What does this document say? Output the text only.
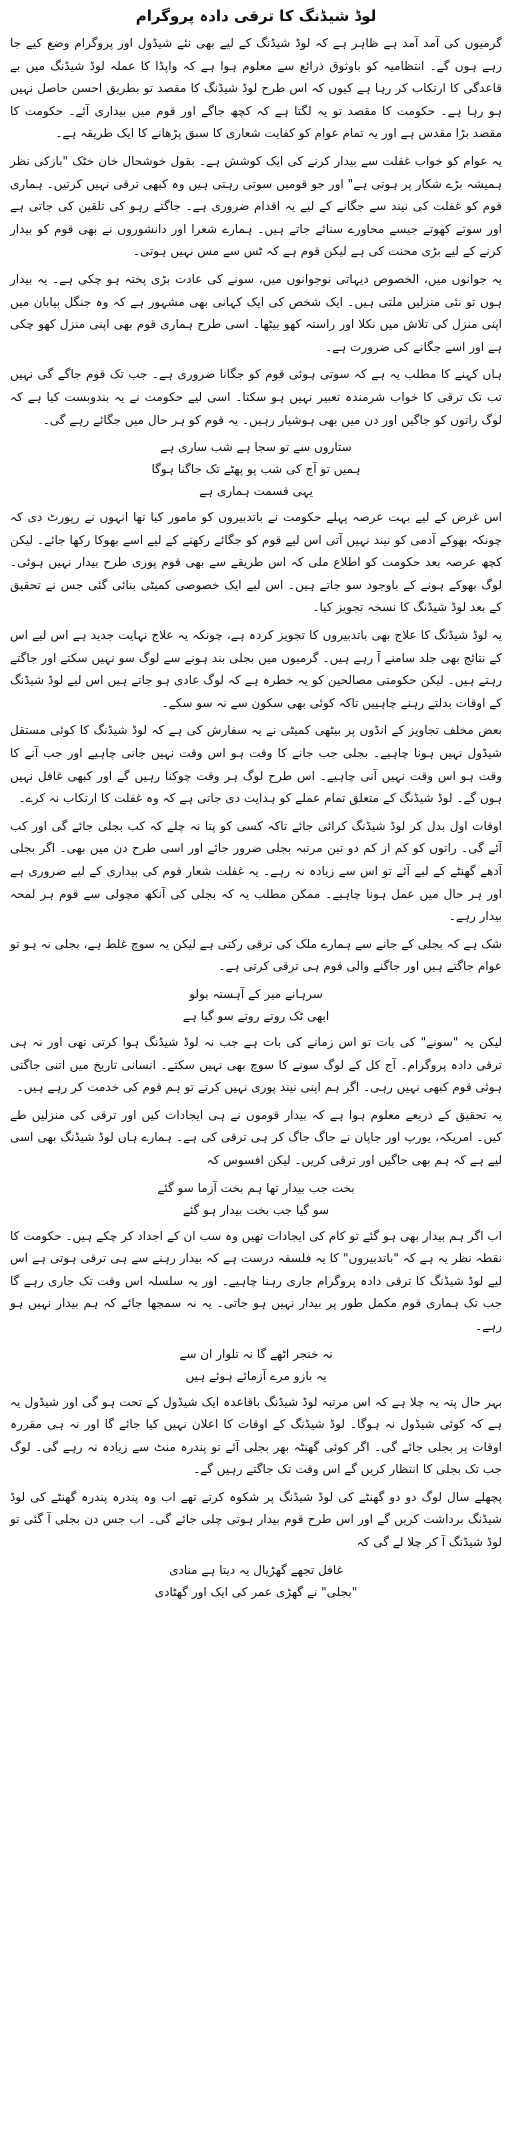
لوڈ شیڈنگ کا ترقی دادہ پروگرام

گرمیوں کی آمد آمد ہے ظاہر ہے کہ لوڈ شیڈنگ کے لیے بھی نئے شیڈول اور پروگرام وضع کیے جا رہے ہوں گے۔ انتظامیہ کو باوثوق ذرائع سے معلوم ہوا ہے کہ واپڈا کا عملہ لوڈ شیڈنگ میں بے قاعدگی کا ارتکاب کر رہا ہے کیوں کہ اس طرح لوڈ شیڈنگ کا مقصد تو بطریق احسن حاصل نہیں ہو رہا ہے۔ حکومت کا مقصد تو یہ لگتا ہے کہ کچھ جاگے اور قوم میں بیداری آئے۔ حکومت کا مقصد بڑا مقدس ہے اور یہ تمام عوام کو کفایت شعاری کا سبق پڑھانے کا ایک طریقہ ہے۔

یہ عوام کو خواب غفلت سے بیدار کرنے کی ایک کوشش ہے۔ بقول خوشحال خان خٹک "بازکی نظر ہمیشہ بڑے شکار پر ہوتی ہے" اور جو قومیں سوتی رہتی ہیں وہ کبھی ترقی نہیں کرتیں۔ ہماری قوم کو غفلت کی نیند سے جگانے کے لیے یہ اقدام ضروری ہے۔ جاگتے رہو کی تلقین کی جاتی ہے اور سوتے کھوتے جیسے محاورے سنائے جاتے ہیں۔ ہمارے شعرا اور دانشوروں نے بھی قوم کو بیدار کرنے کے لیے بڑی محنت کی ہے لیکن قوم ہے کہ ٹس سے مس نہیں ہوتی۔

یہ جوانوں میں، الخصوص دیہاتی نوجوانوں میں، سونے کی عادت بڑی پختہ ہو چکی ہے۔ یہ بیدار ہوں تو نئی منزلیں ملتی ہیں۔ ایک شخص کی ایک کہانی بھی مشہور ہے کہ وہ جنگل بیابان میں اپنی منزل کی تلاش میں نکلا اور راستہ کھو بیٹھا۔ اسی طرح ہماری قوم بھی اپنی منزل کھو چکی ہے اور اسے جگانے کی ضرورت ہے۔

ہاں کہنے کا مطلب یہ ہے کہ سوتی ہوئی قوم کو جگانا ضروری ہے۔ جب تک قوم جاگے گی نہیں تب تک ترقی کا خواب شرمندہ تعبیر نہیں ہو سکتا۔ اسی لیے حکومت نے یہ بندوبست کیا ہے کہ لوگ راتوں کو جاگیں اور دن میں بھی ہوشیار رہیں۔ یہ قوم کو ہر حال میں جگائے رہے گی۔

ستاروں سے تو سجا ہے شب ساری ہے
ہمیں تو آج کی شب پو پھٹے تک جاگنا ہوگا
یہی قسمت ہماری ہے

اس غرض کے لیے بہت عرصہ پہلے حکومت نے باتدبیروں کو مامور کیا تھا انہوں نے رپورٹ دی کہ چونکہ بھوکے آدمی کو نیند نہیں آتی اس لیے قوم کو جگائے رکھنے کے لیے اسے بھوکا رکھا جائے۔ لیکن کچھ عرصہ بعد حکومت کو اطلاع ملی کہ اس طریقے سے بھی قوم پوری طرح بیدار نہیں ہوئی۔ لوگ بھوکے ہونے کے باوجود سو جاتے ہیں۔ اس لیے ایک خصوصی کمیٹی بنائی گئی جس نے تحقیق کے بعد لوڈ شیڈنگ کا نسخہ تجویز کیا۔

یہ لوڈ شیڈنگ کا علاج بھی باتدبیروں کا تجویز کردہ ہے، چونکہ یہ علاج نہایت جدید ہے اس لیے اس کے نتائج بھی جلد سامنے آ رہے ہیں۔ گرمیوں میں بجلی بند ہونے سے لوگ سو نہیں سکتے اور جاگتے رہتے ہیں۔ لیکن حکومتی مصالحین کو یہ خطرہ ہے کہ لوگ عادی ہو جاتے ہیں اس لیے لوڈ شیڈنگ کے اوقات بدلتے رہنے چاہییں تاکہ کوئی بھی سکون سے نہ سو سکے۔

بعض مخلف تجاویز کے انڈوں پر بیٹھی کمیٹی نے یہ سفارش کی ہے کہ لوڈ شیڈنگ کا کوئی مستقل شیڈول نہیں ہونا چاہیے۔ بجلی جب جانے کا وقت ہو اس وقت نہیں جانی چاہیے اور جب آنے کا وقت ہو اس وقت نہیں آنی چاہیے۔ اس طرح لوگ ہر وقت چوکنا رہیں گے اور کبھی غافل نہیں ہوں گے۔ لوڈ شیڈنگ کے متعلق تمام عملے کو ہدایت دی جاتی ہے کہ وہ غفلت کا ارتکاب نہ کرے۔

اوقات اول بدل کر لوڈ شیڈنگ کرائی جائے تاکہ کسی کو پتا نہ چلے کہ کب بجلی جائے گی اور کب آئے گی۔ راتوں کو کم از کم دو تین مرتبہ بجلی ضرور جائے اور اسی طرح دن میں بھی۔ اگر بجلی آدھے گھنٹے کے لیے آئے تو اس سے زیادہ نہ رہے۔ یہ غفلت شعار قوم کی بیداری کے لیے ضروری ہے اور ہر حال میں عمل ہونا چاہیے۔ ممکن مطلب یہ کہ بجلی کی آنکھ مچولی سے قوم ہر لمحہ بیدار رہے۔

شک ہے کہ بجلی کے جانے سے ہمارے ملک کی ترقی رکتی ہے لیکن یہ سوچ غلط ہے، بجلی نہ ہو تو عوام جاگتے ہیں اور جاگنے والی قوم ہی ترقی کرتی ہے۔

سرہانے میر کے آہستہ بولو
ابھی ٹک روتے روتے سو گیا ہے

لیکن یہ "سونے" کی بات تو اس زمانے کی بات ہے جب نہ لوڈ شیڈنگ ہوا کرتی تھی اور نہ ہی ترقی دادہ پروگرام۔ آج کل کے لوگ سونے کا سوچ بھی نہیں سکتے۔ انسانی تاریخ میں اتنی جاگتی ہوئی قوم کبھی نہیں رہی۔ اگر ہم اپنی نیند پوری نہیں کرتے تو ہم قوم کی خدمت کر رہے ہیں۔

یہ تحقیق کے ذریعے معلوم ہوا ہے کہ بیدار قوموں نے ہی ایجادات کیں اور ترقی کی منزلیں طے کیں۔ امریکہ، یورپ اور جاپان نے جاگ جاگ کر ہی ترقی کی ہے۔ ہمارے ہاں لوڈ شیڈنگ بھی اسی لیے ہے کہ ہم بھی جاگیں اور ترقی کریں۔ لیکن افسوس کہ

بخت جب بیدار تھا ہم بخت آزما سو گئے
سو گیا جب بخت بیدار ہو گئے

اب اگر ہم بیدار بھی ہو گئے تو کام کی ایجادات تھیں وہ سب ان کے اجداد کر چکے ہیں۔ حکومت کا نقطہ نظر یہ ہے کہ "باتدبیروں" کا یہ فلسفہ درست ہے کہ بیدار رہنے سے ہی ترقی ہوتی ہے اس لیے لوڈ شیڈنگ کا ترقی دادہ پروگرام جاری رہنا چاہیے۔ اور یہ سلسلہ اس وقت تک جاری رہے گا جب تک ہماری قوم مکمل طور پر بیدار نہیں ہو جاتی۔ یہ نہ سمجھا جائے کہ ہم بیدار نہیں ہو رہے۔

نہ خنجر اٹھے گا نہ تلوار ان سے
یہ بازو مرے آزمائے ہوئے ہیں

بہر حال پتہ یہ چلا ہے کہ اس مرتبہ لوڈ شیڈنگ باقاعدہ ایک شیڈول کے تحت ہو گی اور شیڈول یہ ہے کہ کوئی شیڈول نہ ہوگا۔ لوڈ شیڈنگ کے اوقات کا اعلان نہیں کیا جائے گا اور نہ ہی مقررہ اوقات پر بجلی جائے گی۔ اگر کوئی گھنٹہ بھر بجلی آئے تو پندرہ منٹ سے زیادہ نہ رہے گی۔ لوگ جب تک بجلی کا انتظار کریں گے اس وقت تک جاگتے رہیں گے۔

پچھلے سال لوگ دو دو گھنٹے کی لوڈ شیڈنگ پر شکوہ کرتے تھے اب وہ پندرہ پندرہ گھنٹے کی لوڈ شیڈنگ برداشت کریں گے اور اس طرح قوم بیدار ہوتی چلی جائے گی۔ اب جس دن بجلی آ گئی تو لوڈ شیڈنگ آ کر چلا لے گی کہ

غافل تجھے گھڑیال یہ دیتا ہے منادی
"بجلی" نے گھڑی عمر کی ایک اور گھٹادی
